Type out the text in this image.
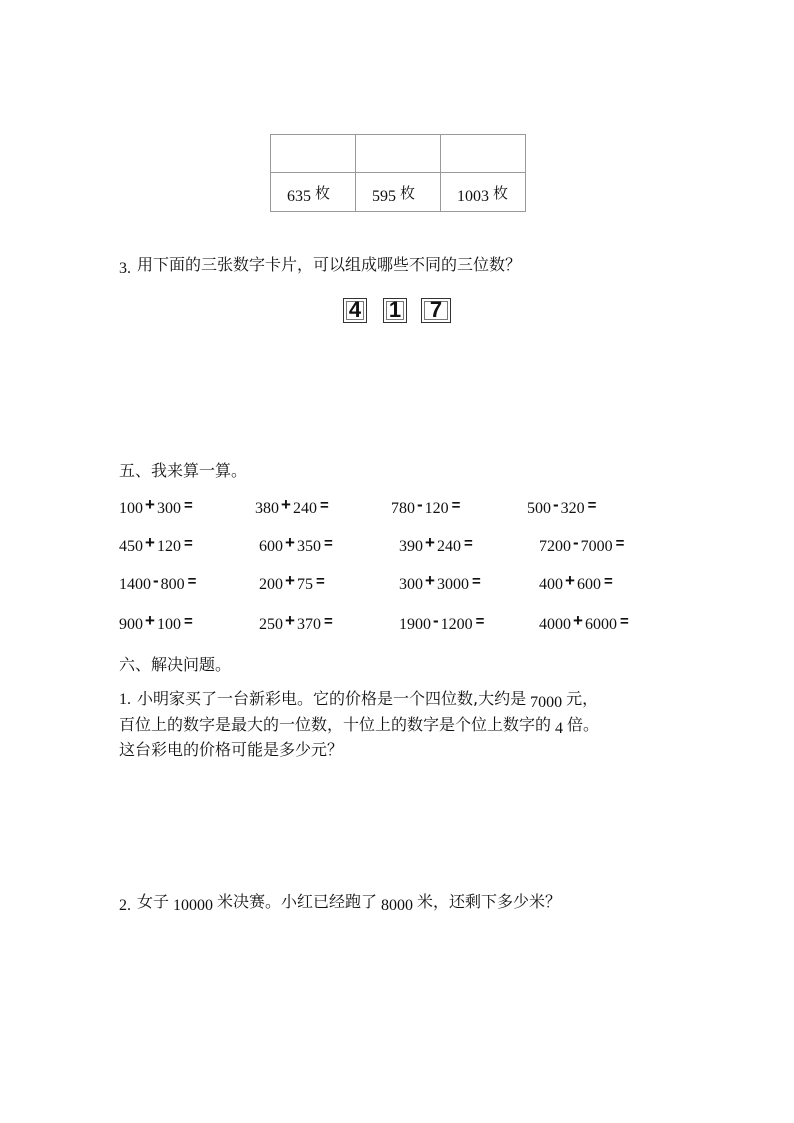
635 枚	595 枚	1003 枚
3. 用下面的三张数字卡片，可以组成哪些不同的三位数？
4 1	7
五、我来算一算。
100 + 300 =	380 + 240 =	780 - 120 =	500 - 320 =
450 + 120 =	600 + 350 =	390 + 240 =	7200 - 7000 =
1400 - 800 =	200 + 75 =	300 + 3000 =	400 + 600 =
900 + 100 =	250 + 370 =	1900 - 1200 =	4000 + 6000 =
六、解决问题。
1. 小明家买了一台新彩电。它的价格是一个四位数,大约是 7000 元，
百位上的数字是最大的一位数，十位上的数字是个位上数字的 4 倍。
这台彩电的价格可能是多少元？
2. 女子 10000 米决赛。小红已经跑了 8000 米，还剩下多少米？
